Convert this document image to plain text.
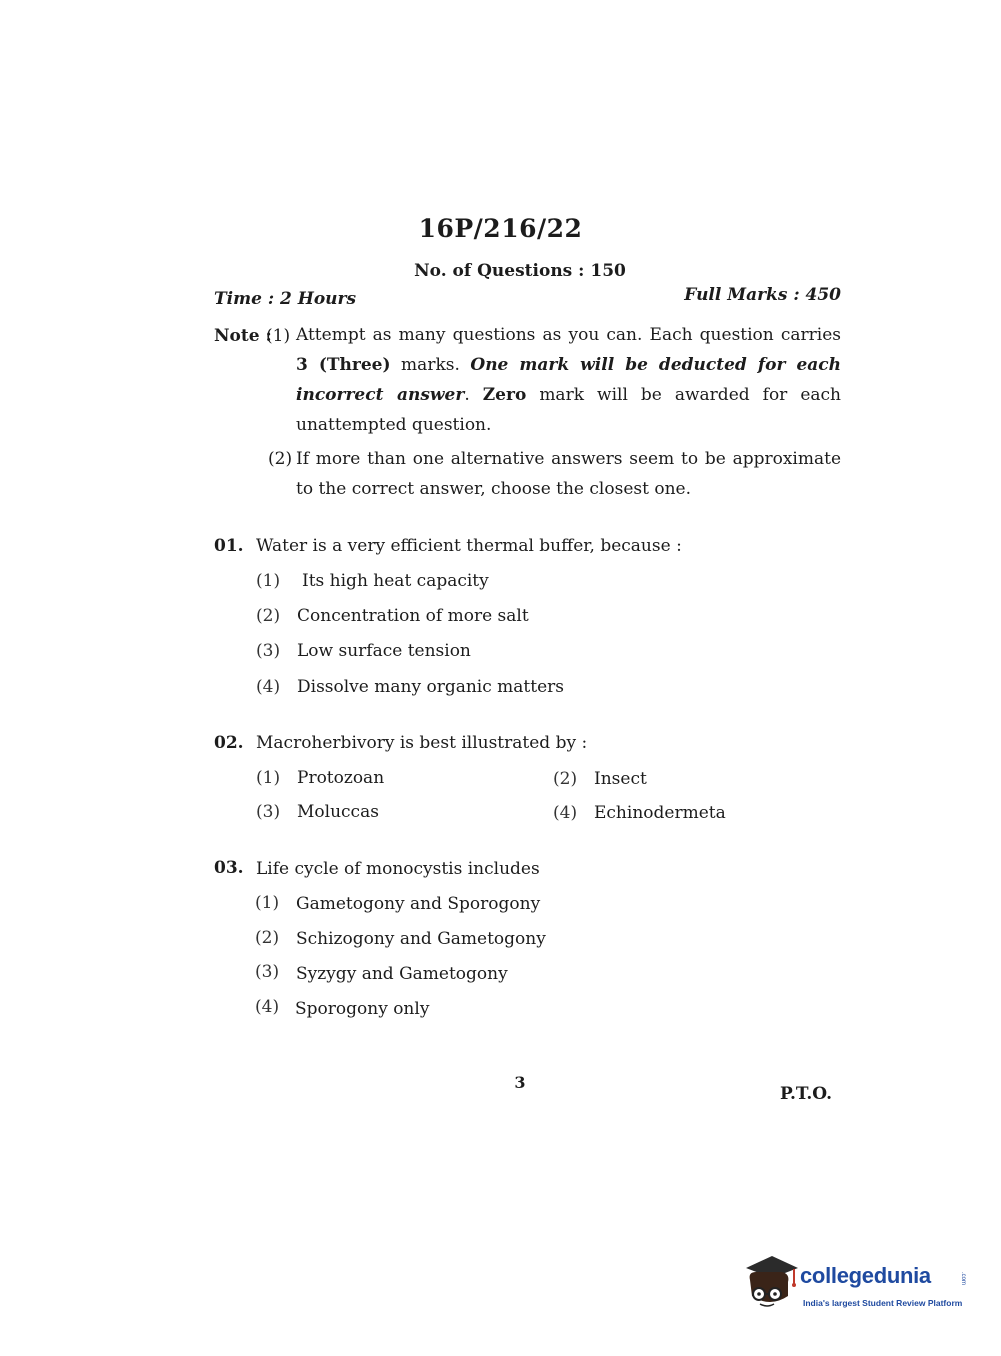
16P/216/22
No. of Questions : 150
Time : 2 Hours	Full Marks : 450
Note :
(1) Attempt as many questions as you can. Each question carries 3 (Three) marks. One mark will be deducted for each incorrect answer. Zero mark will be awarded for each unattempted question.
(2) If more than one alternative answers seem to be approximate to the correct answer, choose the closest one.
01. Water is a very efficient thermal buffer, because :
(1) Its high heat capacity
(2) Concentration of more salt
(3) Low surface tension
(4) Dissolve many organic matters
02. Macroherbivory is best illustrated by :
(1) Protozoan	(2) Insect
(3) Moluccas	(4) Echinodermeta
03. Life cycle of monocystis includes
(1) Gametogony and Sporogony
(2) Schizogony and Gametogony
(3) Syzygy and Gametogony
(4) Sporogony only
3
P.T.O.
collegedunia	.com
India's largest Student Review Platform
